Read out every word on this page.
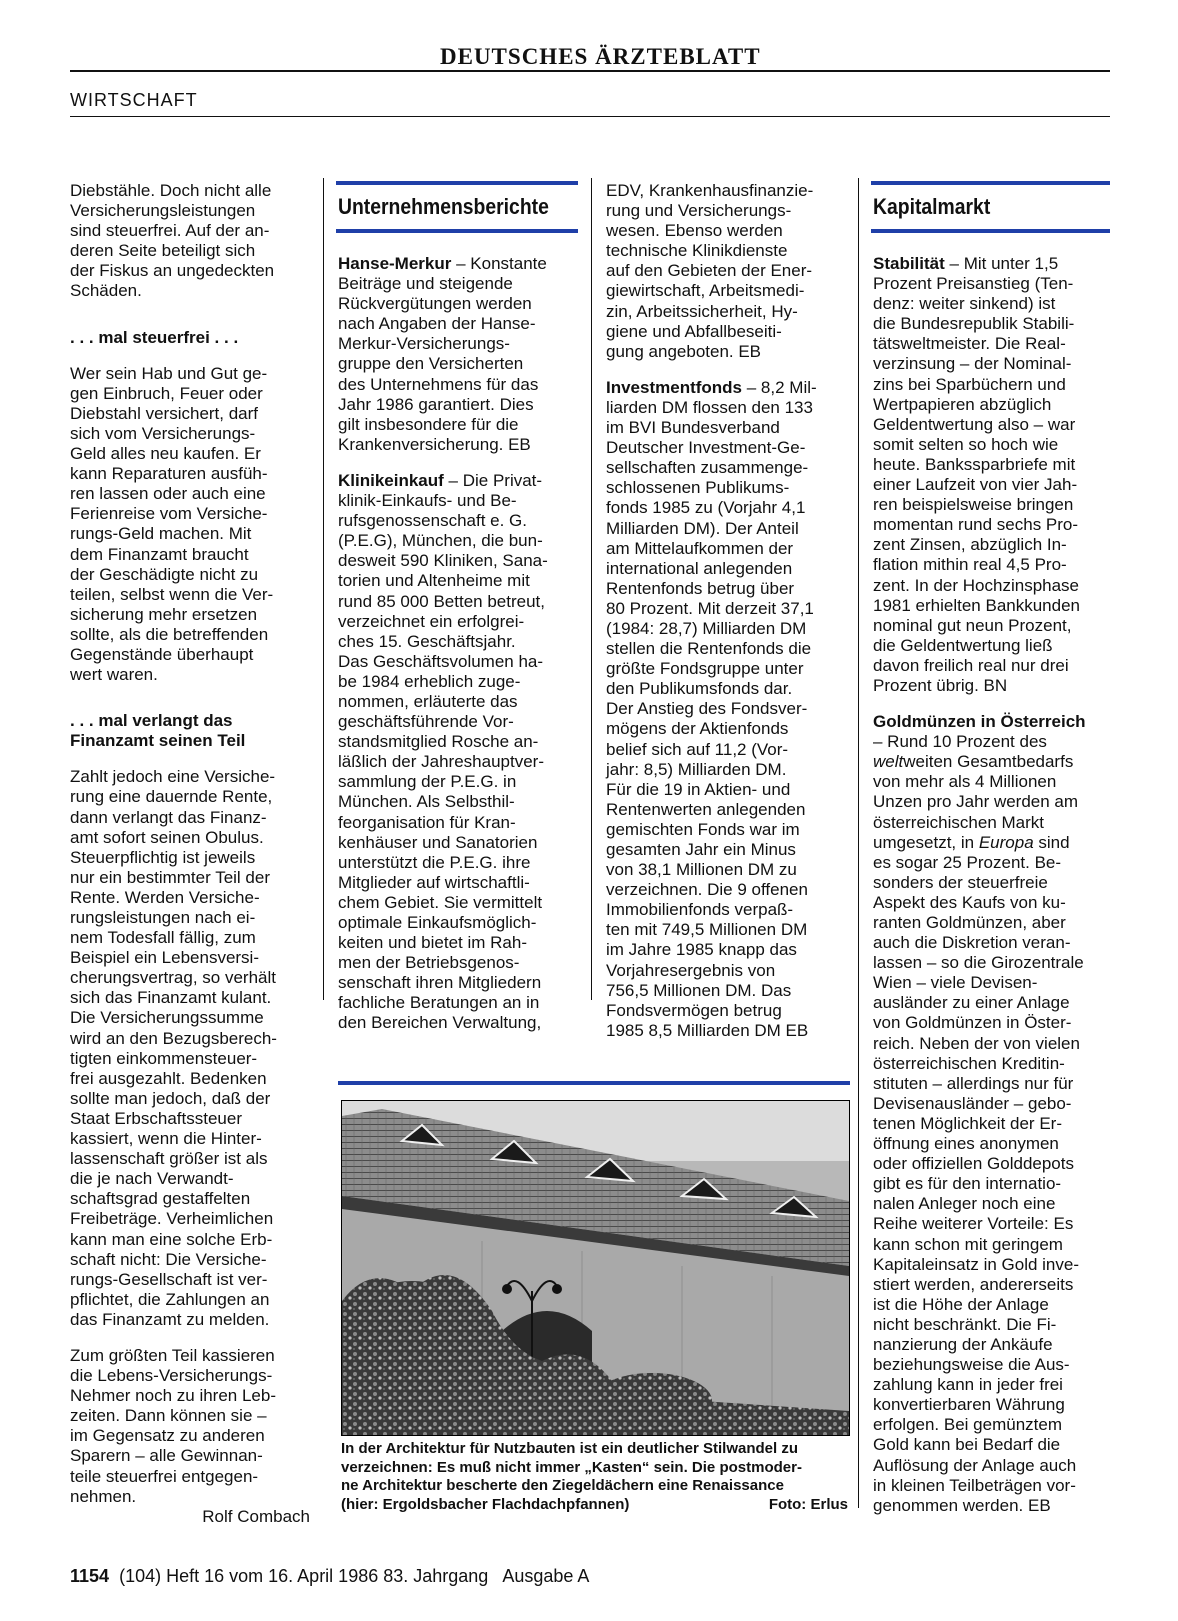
DEUTSCHES ÄRZTEBLATT
WIRTSCHAFT

Diebstähle. Doch nicht alle

Versicherungsleistungen

sind steuerfrei. Auf der an-

deren Seite beteiligt sich

der Fiskus an ungedeckten

Schäden.

. . . mal steuerfrei . . .

Wer sein Hab und Gut ge-

gen Einbruch, Feuer oder

Diebstahl versichert, darf

sich vom Versicherungs-

Geld alles neu kaufen. Er

kann Reparaturen ausfüh-

ren lassen oder auch eine

Ferienreise vom Versiche-

rungs-Geld machen. Mit

dem Finanzamt braucht

der Geschädigte nicht zu

teilen, selbst wenn die Ver-

sicherung mehr ersetzen

sollte, als die betreffenden

Gegenstände überhaupt

wert waren.

. . . mal verlangt das

Finanzamt seinen Teil

Zahlt jedoch eine Versiche-

rung eine dauernde Rente,

dann verlangt das Finanz-

amt sofort seinen Obulus.

Steuerpflichtig ist jeweils

nur ein bestimmter Teil der

Rente. Werden Versiche-

rungsleistungen nach ei-

nem Todesfall fällig, zum

Beispiel ein Lebensversi-

cherungsvertrag, so verhält

sich das Finanzamt kulant.

Die Versicherungssumme

wird an den Bezugsberech-

tigten einkommensteuer-

frei ausgezahlt. Bedenken

sollte man jedoch, daß der

Staat Erbschaftssteuer

kassiert, wenn die Hinter-

lassenschaft größer ist als

die je nach Verwandt-

schaftsgrad gestaffelten

Freibeträge. Verheimlichen

kann man eine solche Erb-

schaft nicht: Die Versiche-

rungs-Gesellschaft ist ver-

pflichtet, die Zahlungen an

das Finanzamt zu melden.

Zum größten Teil kassieren

die Lebens-Versicherungs-

Nehmer noch zu ihren Leb-

zeiten. Dann können sie –

im Gegensatz zu anderen

Sparern – alle Gewinnan-

teile steuerfrei entgegen-

nehmen.

Rolf Combach

Unternehmensberichte

Hanse-Merkur – Konstante

Beiträge und steigende

Rückvergütungen werden

nach Angaben der Hanse-

Merkur-Versicherungs-

gruppe den Versicherten

des Unternehmens für das

Jahr 1986 garantiert. Dies

gilt insbesondere für die

Krankenversicherung. EB

Klinikeinkauf – Die Privat-

klinik-Einkaufs- und Be-

rufsgenossenschaft e. G.

(P.E.G), München, die bun-

desweit 590 Kliniken, Sana-

torien und Altenheime mit

rund 85 000 Betten betreut,

verzeichnet ein erfolgrei-

ches 15. Geschäftsjahr.

Das Geschäftsvolumen ha-

be 1984 erheblich zuge-

nommen, erläuterte das

geschäftsführende Vor-

standsmitglied Rosche an-

läßlich der Jahreshauptver-

sammlung der P.E.G. in

München. Als Selbsthil-

feorganisation für Kran-

kenhäuser und Sanatorien

unterstützt die P.E.G. ihre

Mitglieder auf wirtschaftli-

chem Gebiet. Sie vermittelt

optimale Einkaufsmöglich-

keiten und bietet im Rah-

men der Betriebsgenos-

senschaft ihren Mitgliedern

fachliche Beratungen an in

den Bereichen Verwaltung,

EDV, Krankenhausfinanzie-

rung und Versicherungs-

wesen. Ebenso werden

technische Klinikdienste

auf den Gebieten der Ener-

giewirtschaft, Arbeitsmedi-

zin, Arbeitssicherheit, Hy-

giene und Abfallbeseiti-

gung angeboten. EB

Investmentfonds – 8,2 Mil-

liarden DM flossen den 133

im BVI Bundesverband

Deutscher Investment-Ge-

sellschaften zusammenge-

schlossenen Publikums-

fonds 1985 zu (Vorjahr 4,1

Milliarden DM). Der Anteil

am Mittelaufkommen der

international anlegenden

Rentenfonds betrug über

80 Prozent. Mit derzeit 37,1

(1984: 28,7) Milliarden DM

stellen die Rentenfonds die

größte Fondsgruppe unter

den Publikumsfonds dar.

Der Anstieg des Fondsver-

mögens der Aktienfonds

belief sich auf 11,2 (Vor-

jahr: 8,5) Milliarden DM.

Für die 19 in Aktien- und

Rentenwerten anlegenden

gemischten Fonds war im

gesamten Jahr ein Minus

von 38,1 Millionen DM zu

verzeichnen. Die 9 offenen

Immobilienfonds verpaß-

ten mit 749,5 Millionen DM

im Jahre 1985 knapp das

Vorjahresergebnis von

756,5 Millionen DM. Das

Fondsvermögen betrug

1985 8,5 Milliarden DM EB

Kapitalmarkt

Stabilität – Mit unter 1,5

Prozent Preisanstieg (Ten-

denz: weiter sinkend) ist

die Bundesrepublik Stabili-

tätsweltmeister. Die Real-

verzinsung – der Nominal-

zins bei Sparbüchern und

Wertpapieren abzüglich

Geldentwertung also – war

somit selten so hoch wie

heute. Bankssparbriefe mit

einer Laufzeit von vier Jah-

ren beispielsweise bringen

momentan rund sechs Pro-

zent Zinsen, abzüglich In-

flation mithin real 4,5 Pro-

zent. In der Hochzinsphase

1981 erhielten Bankkunden

nominal gut neun Prozent,

die Geldentwertung ließ

davon freilich real nur drei

Prozent übrig. BN

Goldmünzen in Österreich

– Rund 10 Prozent des

weltweiten Gesamtbedarfs

von mehr als 4 Millionen

Unzen pro Jahr werden am

österreichischen Markt

umgesetzt, in Europa sind

es sogar 25 Prozent. Be-

sonders der steuerfreie

Aspekt des Kaufs von ku-

ranten Goldmünzen, aber

auch die Diskretion veran-

lassen – so die Girozentrale

Wien – viele Devisen-

ausländer zu einer Anlage

von Goldmünzen in Öster-

reich. Neben der von vielen

österreichischen Kreditin-

stituten – allerdings nur für

Devisenausländer – gebo-

tenen Möglichkeit der Er-

öffnung eines anonymen

oder offiziellen Golddepots

gibt es für den internatio-

nalen Anleger noch eine

Reihe weiterer Vorteile: Es

kann schon mit geringem

Kapitaleinsatz in Gold inve-

stiert werden, andererseits

ist die Höhe der Anlage

nicht beschränkt. Die Fi-

nanzierung der Ankäufe

beziehungsweise die Aus-

zahlung kann in jeder frei

konvertierbaren Währung

erfolgen. Bei gemünztem

Gold kann bei Bedarf die

Auflösung der Anlage auch

in kleinen Teilbeträgen vor-

genommen werden. EB

In der Architektur für Nutzbauten ist ein deutlicher Stilwandel zu
verzeichnen: Es muß nicht immer „Kasten“ sein. Die postmoder-
ne Architektur bescherte den Ziegeldächern eine Renaissance
(hier: Ergoldsbacher Flachdachpfannen)	Foto: Erlus
1154 (104) Heft 16 vom 16. April 1986 83. Jahrgang   Ausgabe A
